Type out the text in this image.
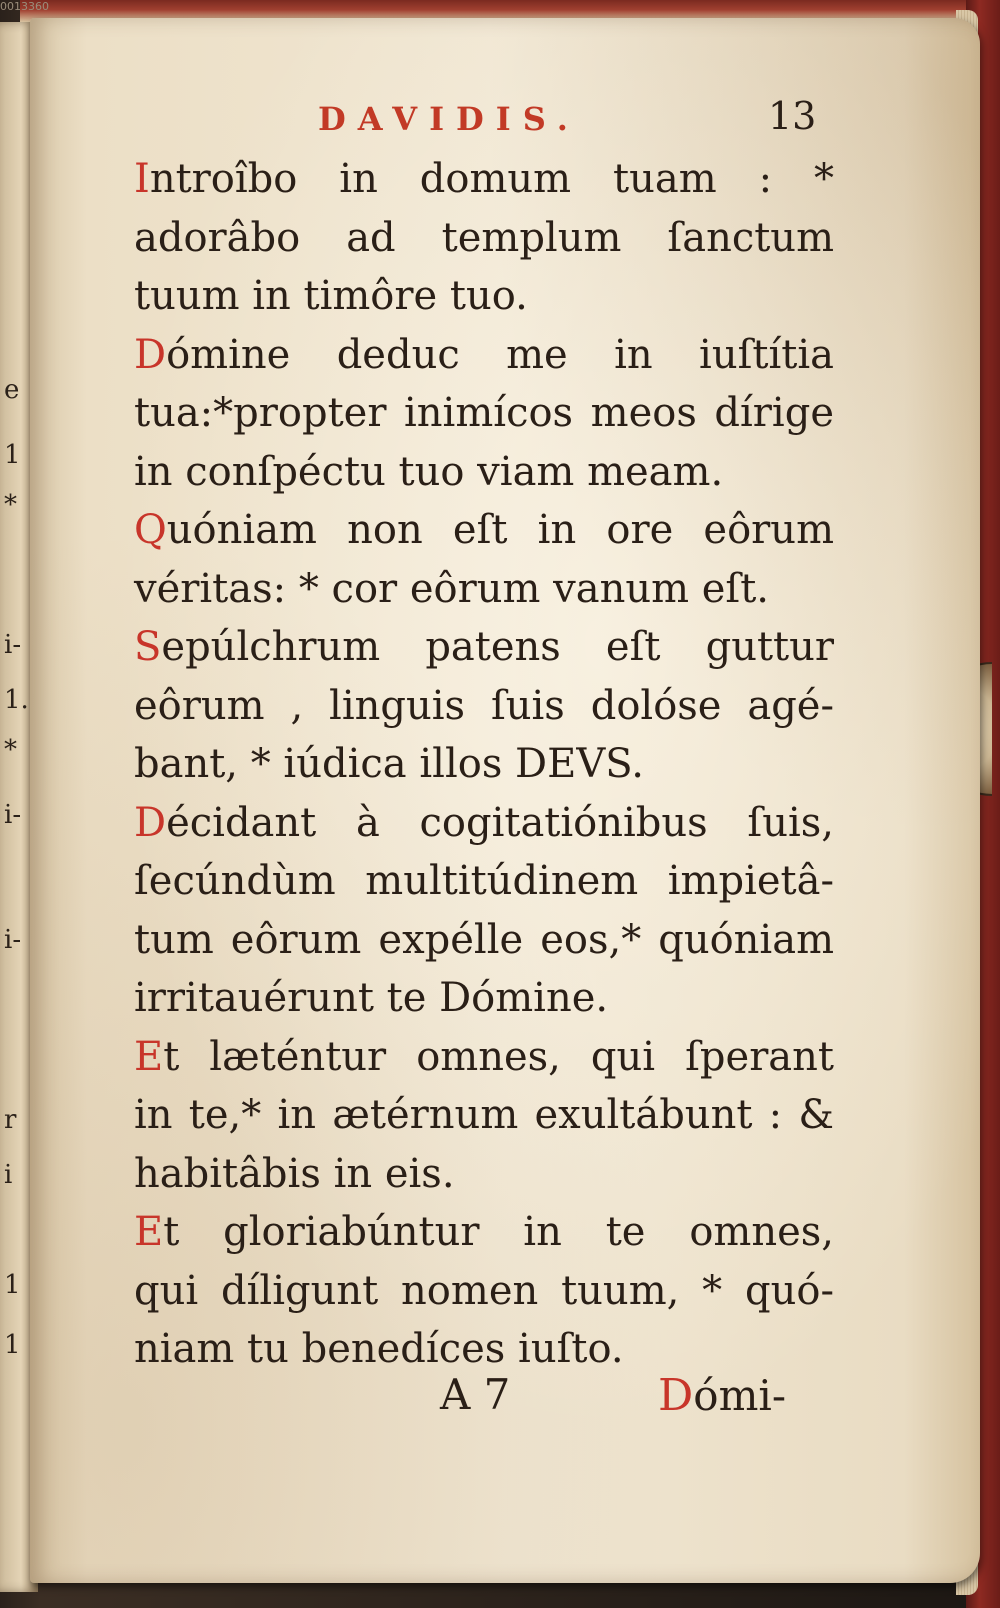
e
1
*
i-
1.
*
i-
i-
r
i
1
1
0013360
DAVIDIS.	13

Introîbo in domum tuam : *
adorâbo ad templum ſanctum
tuum in timôre tuo.

Dómine deduc me in iuſtítia
tua:*propter inimícos meos dírige
in conſpéctu tuo viam meam.

Quóniam non eſt in ore eôrum
véritas: * cor eôrum vanum eſt.

Sepúlchrum patens eſt guttur
eôrum , linguis ſuis dolóse agé-
bant, * iúdica illos DEVS.

Décidant à cogitatiónibus ſuis,
ſecúndùm multitúdinem impietâ-
tum eôrum expélle eos,* quóniam
irritauérunt te Dómine.

Et læténtur omnes, qui ſperant
in te,* in ætérnum exultábunt : &
habitâbis in eis.

Et gloriabúntur in te omnes,
qui díligunt nomen tuum, * quó-
niam tu benedíces iuſto.

A 7	Dómi-
